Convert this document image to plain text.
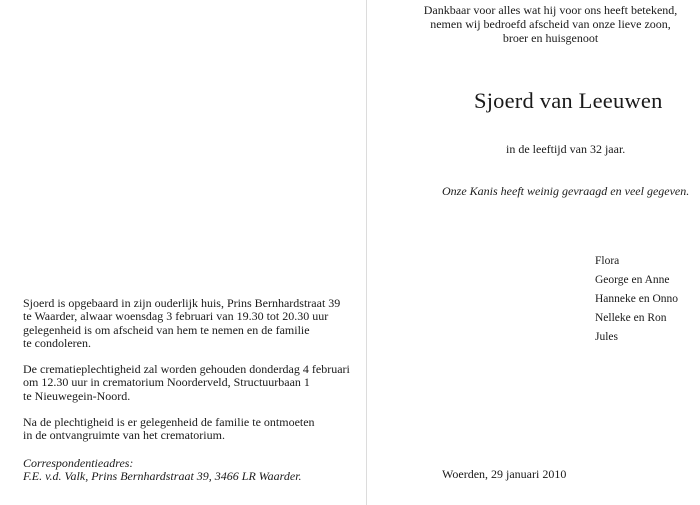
Sjoerd is opgebaard in zijn ouderlijk huis, Prins Bernhardstraat 39
te Waarder, alwaar woensdag 3 februari van 19.30 tot 20.30 uur
gelegenheid is om afscheid van hem te nemen en de familie
te condoleren.
De crematieplechtigheid zal worden gehouden donderdag 4 februari
om 12.30 uur in crematorium Noorderveld, Structuurbaan 1
te Nieuwegein-Noord.
Na de plechtigheid is er gelegenheid de familie te ontmoeten
in de ontvangruimte van het crematorium.
Correspondentieadres:
F.E. v.d. Valk, Prins Bernhardstraat 39, 3466 LR Waarder.
Dankbaar voor alles wat hij voor ons heeft betekend,
nemen wij bedroefd afscheid van onze lieve zoon,
broer en huisgenoot
Sjoerd van Leeuwen
in de leeftijd van 32 jaar.
Onze Kanis heeft weinig gevraagd en veel gegeven.
Flora
George en Anne
Hanneke en Onno
Nelleke en Ron
Jules
Woerden, 29 januari 2010
